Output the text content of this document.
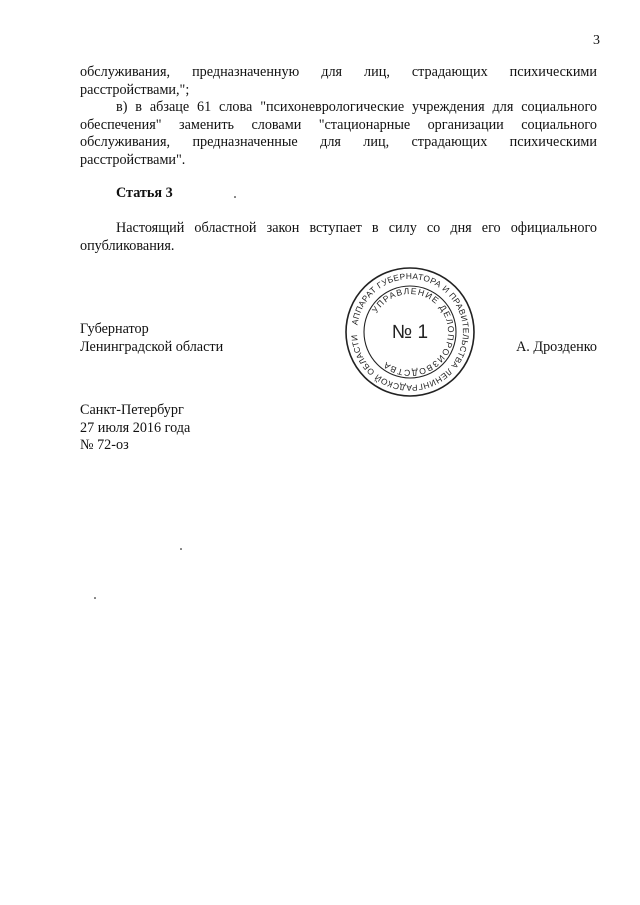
3
обслуживания, предназначенную для лиц, страдающих психическими
расстройствами,";
в) в абзаце 61 слова "психоневрологические учреждения для социального
обеспечения" заменить словами "стационарные организации социального
обслуживания, предназначенные для лиц, страдающих психическими
расстройствами".
Статья 3
Настоящий областной закон вступает в силу со дня его официального
опубликования.
Губернатор
Ленинградской области	А. Дрозденко
АППАРАТ ГУБЕРНАТОРА И ПРАВИТЕЛЬСТВА ЛЕНИНГРАДСКОЙ ОБЛАСТИ
УПРАВЛЕНИЕ ДЕЛОПРОИЗВОДСТВА
№ 1
Санкт-Петербург
27 июля 2016 года
№ 72-оз
